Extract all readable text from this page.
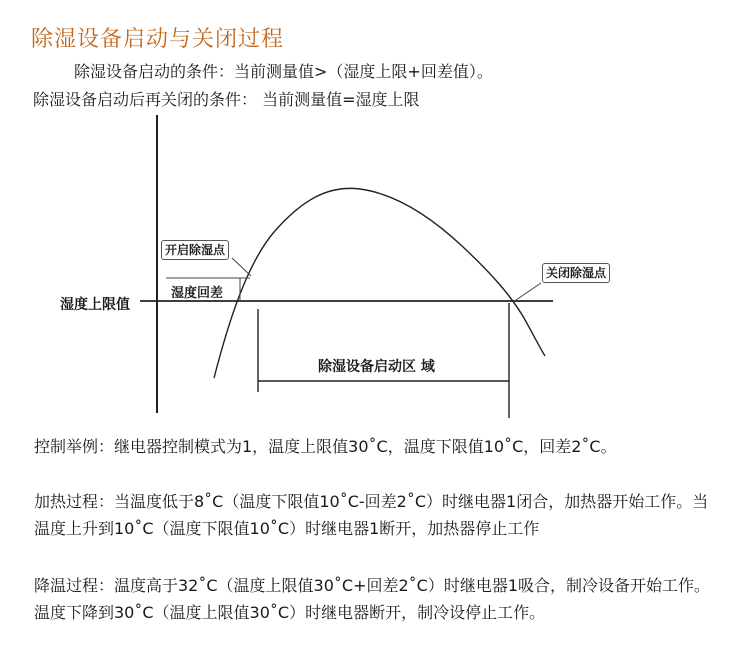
除湿设备启动与关闭过程
除湿设备启动的条件：当前测量值>（湿度上限+回差值）。
除湿设备启动后再关闭的条件： 当前测量值=湿度上限
开启除湿点
湿度回差
湿度上限值
关闭除湿点
除湿设备启动区 域
控制举例：继电器控制模式为1，温度上限值30˚C，温度下限值10˚C，回差2˚C。
加热过程：当温度低于8˚C（温度下限值10˚C-回差2˚C）时继电器1闭合，加热器开始工作。当温度上升到10˚C（温度下限值10˚C）时继电器1断开，加热器停止工作
降温过程：温度高于32˚C（温度上限值30˚C+回差2˚C）时继电器1吸合，制冷设备开始工作。温度下降到30˚C（温度上限值30˚C）时继电器断开，制冷设停止工作。
